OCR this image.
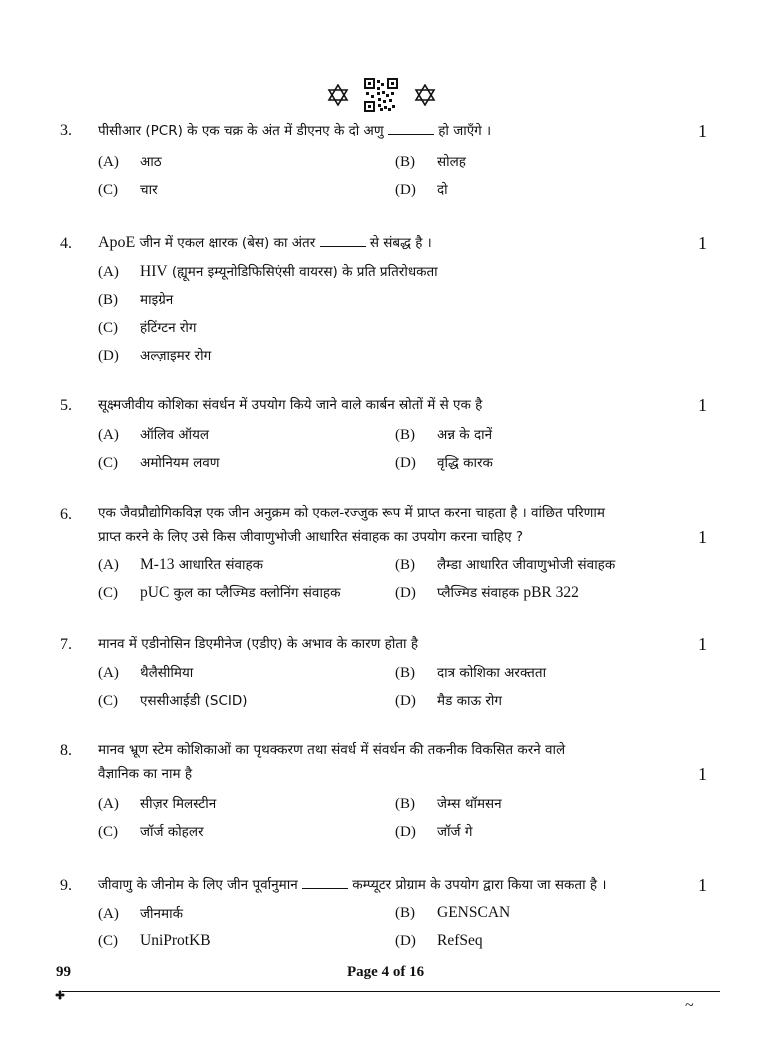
3. पीसीआर (PCR) के एक चक्र के अंत में डीएनए के दो अणु	हो जाएँगे ।	1
(A) आठ	(B) सोलह
(C) चार	(D) दो
4. ApoE जीन में एकल क्षारक (बेस) का अंतर	से संबद्ध है ।	1
(A) HIV (ह्यूमन इम्यूनोडिफिसिएंसी वायरस) के प्रति प्रतिरोधकता
(B) माइग्रेन
(C) हंटिंग्टन रोग
(D) अल्ज़ाइमर रोग
5. सूक्ष्मजीवीय कोशिका संवर्धन में उपयोग किये जाने वाले कार्बन स्रोतों में से एक है	1
(A) ऑलिव ऑयल	(B) अन्न के दानें
(C) अमोनियम लवण	(D) वृद्धि कारक
6. एक जैवप्रौद्योगिकविज्ञ एक जीन अनुक्रम को एकल-रज्जुक रूप में प्राप्त करना चाहता है । वांछित परिणाम
प्राप्त करने के लिए उसे किस जीवाणुभोजी आधारित संवाहक का उपयोग करना चाहिए ?	1
(A) M-13 आधारित संवाहक	(B) लैम्डा आधारित जीवाणुभोजी संवाहक
(C) pUC कुल का प्लैज्मिड क्लोनिंग संवाहक	(D) प्लैज्मिड संवाहक pBR 322
7. मानव में एडीनोसिन डिएमीनेज (एडीए) के अभाव के कारण होता है	1
(A) थैलैसीमिया	(B) दात्र कोशिका अरक्तता
(C) एससीआईडी (SCID)	(D) मैड काऊ रोग
8. मानव भ्रूण स्टेम कोशिकाओं का पृथक्करण तथा संवर्ध में संवर्धन की तकनीक विकसित करने वाले
वैज्ञानिक का नाम है	1
(A) सीज़र मिलस्टीन	(B) जेम्स थॉमसन
(C) जॉर्ज कोहलर	(D) जॉर्ज गे
9. जीवाणु के जीनोम के लिए जीन पूर्वानुमान	कम्प्यूटर प्रोग्राम के उपयोग द्वारा किया जा सकता है ।	1
(A) जीनमार्क	(B) GENSCAN
(C) UniProtKB	(D) RefSeq
99	Page 4 of 16
~
